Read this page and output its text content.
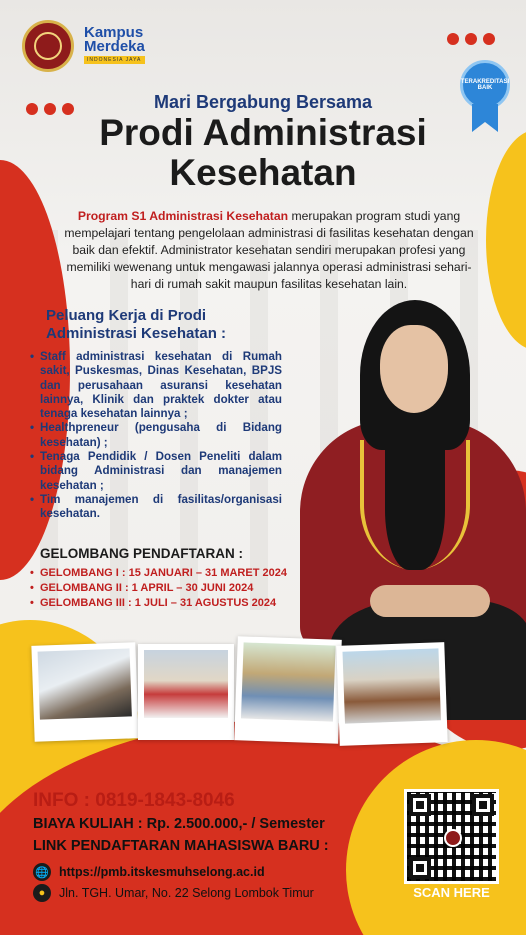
Kampus
Merdeka
INDONESIA JAYA
TERAKREDITASI BAIK
Mari Bergabung Bersama
Prodi Administrasi
Kesehatan

Program S1 Administrasi Kesehatan merupakan program studi yang mempelajari tentang pengelolaan administrasi di fasilitas kesehatan dengan baik dan efektif. Administrator kesehatan sendiri merupakan profesi yang memiliki wewenang untuk mengawasi jalannya operasi administrasi sehari-hari di rumah sakit maupun fasilitas kesehatan lain.

Peluang Kerja di Prodi
Administrasi Kesehatan :
• Staff administrasi kesehatan di Rumah sakit, Puskesmas, Dinas Kesehatan, BPJS dan perusahaan asuransi kesehatan lainnya, Klinik dan praktek dokter atau tenaga kesehatan lainnya ;
• Healthpreneur (pengusaha di Bidang kesehatan) ;
• Tenaga Pendidik / Dosen Peneliti dalam bidang Administrasi dan manajemen kesehatan ;
• Tim manajemen di fasilitas/organisasi kesehatan.
GELOMBANG PENDAFTARAN :
• GELOMBANG I : 15 JANUARI – 31 MARET 2024
• GELOMBANG II : 1 APRIL – 30 JUNI 2024
• GELOMBANG III : 1 JULI – 31 AGUSTUS 2024
INFO : 0819-1843-8046
BIAYA KULIAH : Rp. 2.500.000,- / Semester
LINK PENDAFTARAN MAHASISWA BARU :
🌐 https://pmb.itskesmuhselong.ac.id
●	Jln. TGH. Umar, No. 22 Selong Lombok Timur	SCAN HERE
